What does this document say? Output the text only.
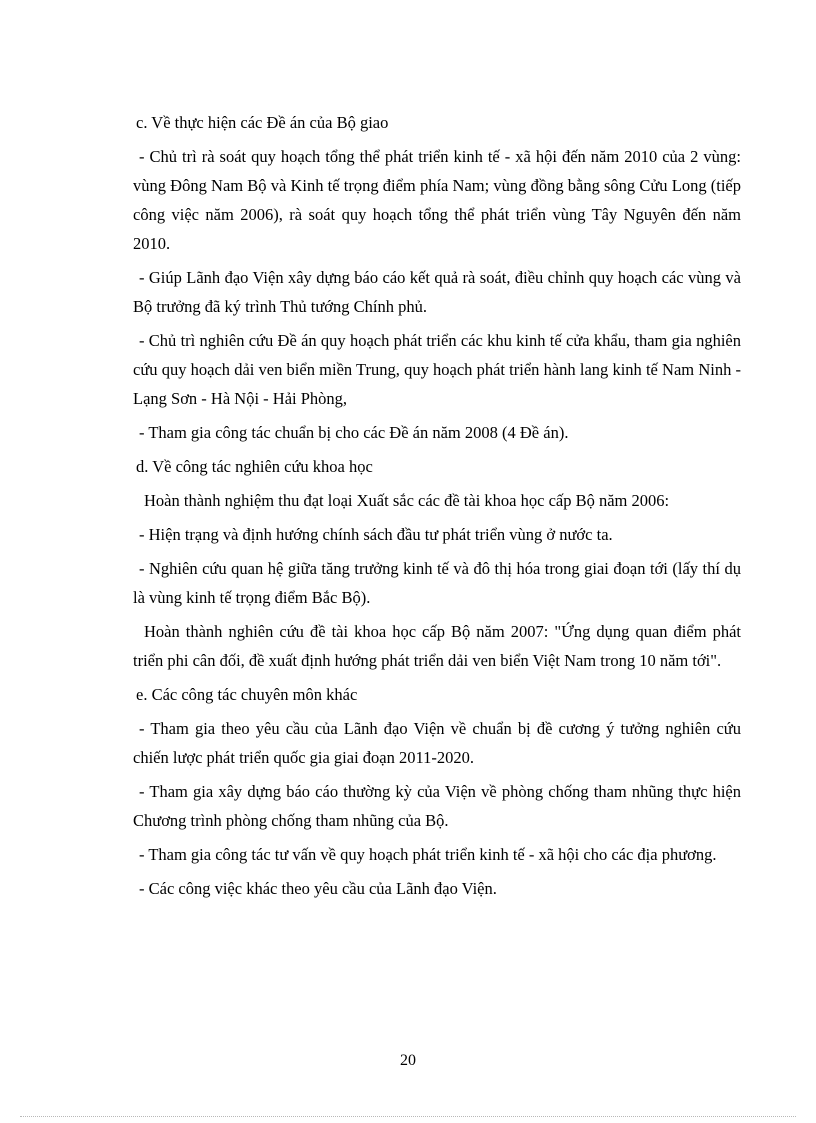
c. Về thực hiện các Đề án của Bộ giao

- Chủ trì rà soát quy hoạch tổng thể phát triển kinh tế - xã hội đến năm 2010 của 2 vùng: vùng Đông Nam Bộ và Kinh tế trọng điểm phía Nam; vùng đồng bằng sông Cửu Long (tiếp công việc năm 2006), rà soát quy hoạch tổng thể phát triển vùng Tây Nguyên đến năm 2010.

- Giúp Lãnh đạo Viện xây dựng báo cáo kết quả rà soát, điều chỉnh quy hoạch các vùng và Bộ trưởng đã ký trình Thủ tướng Chính phủ.

- Chủ trì nghiên cứu Đề án quy hoạch phát triển các khu kinh tế cửa khẩu, tham gia nghiên cứu quy hoạch dải ven biển miền Trung, quy hoạch phát triển hành lang kinh tế Nam Ninh - Lạng Sơn - Hà Nội - Hải Phòng,

- Tham gia công tác chuẩn bị cho các Đề án năm 2008 (4 Đề án).

d. Về công tác nghiên cứu khoa học

Hoàn thành nghiệm thu đạt loại Xuất sắc các đề tài khoa học cấp Bộ năm 2006:

- Hiện trạng và định hướng chính sách đầu tư phát triển vùng ở nước ta.

- Nghiên cứu quan hệ giữa tăng trưởng kinh tế và đô thị hóa trong giai đoạn tới (lấy thí dụ là vùng kinh tế trọng điểm Bắc Bộ).

Hoàn thành nghiên cứu đề tài khoa học cấp Bộ năm 2007: "Ứng dụng quan điểm phát triển phi cân đối, đề xuất định hướng phát triển dải ven biển Việt Nam trong 10 năm tới".

e. Các công tác chuyên môn khác

- Tham gia theo yêu cầu của Lãnh đạo Viện về chuẩn bị đề cương ý tưởng nghiên cứu chiến lược phát triển quốc gia giai đoạn 2011-2020.

- Tham gia xây dựng báo cáo thường kỳ của Viện về phòng chống tham nhũng thực hiện Chương trình phòng chống tham nhũng của Bộ.

- Tham gia công tác tư vấn về quy hoạch phát triển kinh tế - xã hội cho các địa phương.

- Các công việc khác theo yêu cầu của Lãnh đạo Viện.

20
